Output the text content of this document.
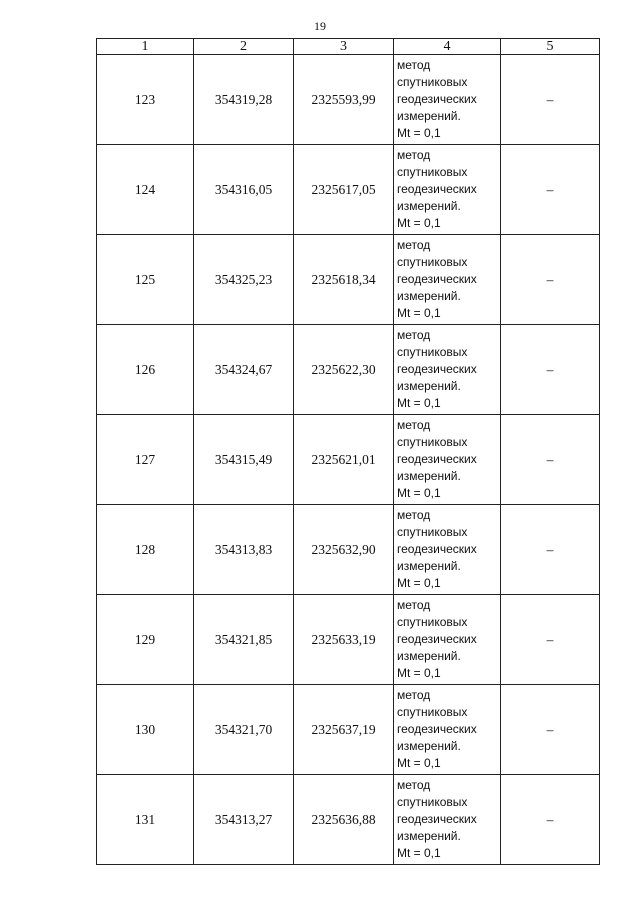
19
1	2	3	4	5
123	354319,28	2325593,99	метод
спутниковых
геодезических
измерений.
Mt = 0,1	–
124	354316,05	2325617,05	метод
спутниковых
геодезических
измерений.
Mt = 0,1	–
125	354325,23	2325618,34	метод
спутниковых
геодезических
измерений.
Mt = 0,1	–
126	354324,67	2325622,30	метод
спутниковых
геодезических
измерений.
Mt = 0,1	–
127	354315,49	2325621,01	метод
спутниковых
геодезических
измерений.
Mt = 0,1	–
128	354313,83	2325632,90	метод
спутниковых
геодезических
измерений.
Mt = 0,1	–
129	354321,85	2325633,19	метод
спутниковых
геодезических
измерений.
Mt = 0,1	–
130	354321,70	2325637,19	метод
спутниковых
геодезических
измерений.
Mt = 0,1	–
131	354313,27	2325636,88	метод
спутниковых
геодезических
измерений.
Mt = 0,1	–
